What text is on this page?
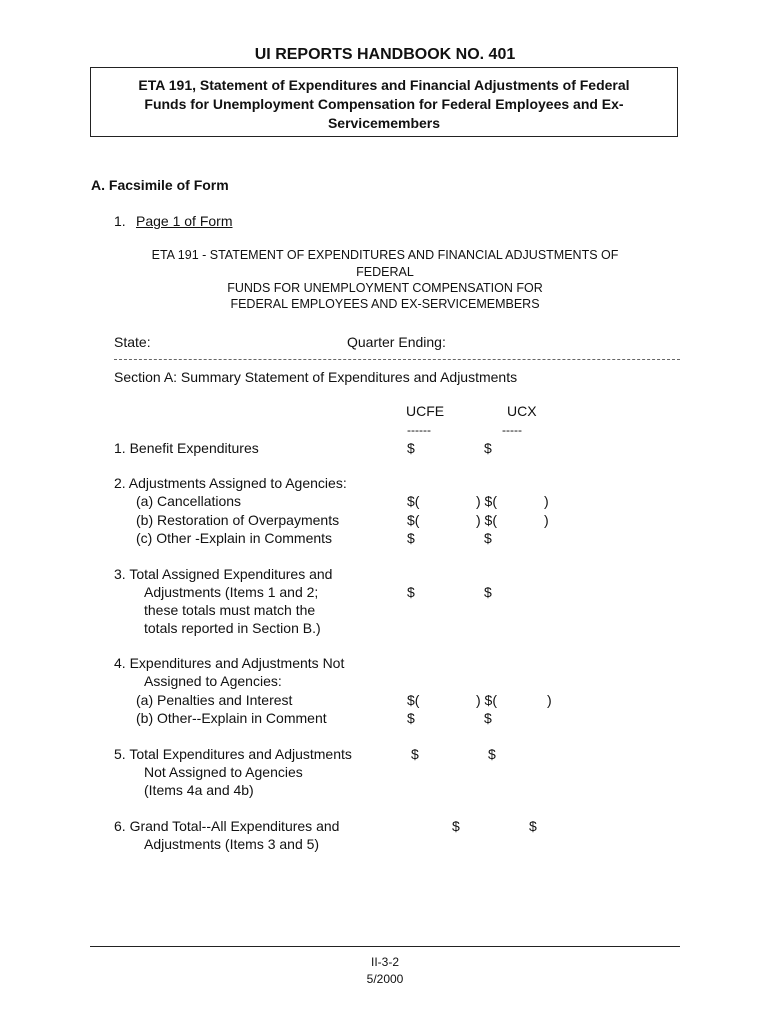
UI REPORTS HANDBOOK NO. 401
ETA 191, Statement of Expenditures and Financial Adjustments of Federal
Funds for Unemployment Compensation for Federal Employees and Ex-
Servicemembers
A. Facsimile of Form
1. Page 1 of Form
ETA 191 - STATEMENT OF EXPENDITURES AND FINANCIAL ADJUSTMENTS OF
FEDERAL
FUNDS FOR UNEMPLOYMENT COMPENSATION FOR
FEDERAL EMPLOYEES AND EX-SERVICEMEMBERS
State:	Quarter Ending:
Section A: Summary Statement of Expenditures and Adjustments
UCFE	UCX
------	-----
1. Benefit Expenditures	$	$
2. Adjustments Assigned to Agencies:
(a) Cancellations	$(	) $(	)
(b) Restoration of Overpayments	$(	) $(	)
(c) Other -Explain in Comments	$	$
3. Total Assigned Expenditures and
Adjustments (Items 1 and 2;
these totals must match the
totals reported in Section B.)
$	$
4. Expenditures and Adjustments Not
Assigned to Agencies:
(a) Penalties and Interest	$(	) $(	)
(b) Other--Explain in Comment	$	$
5. Total Expenditures and Adjustments
Not Assigned to Agencies
(Items 4a and 4b)
$	$
6. Grand Total--All Expenditures and
Adjustments (Items 3 and 5)
$	$
II-3-2
5/2000
